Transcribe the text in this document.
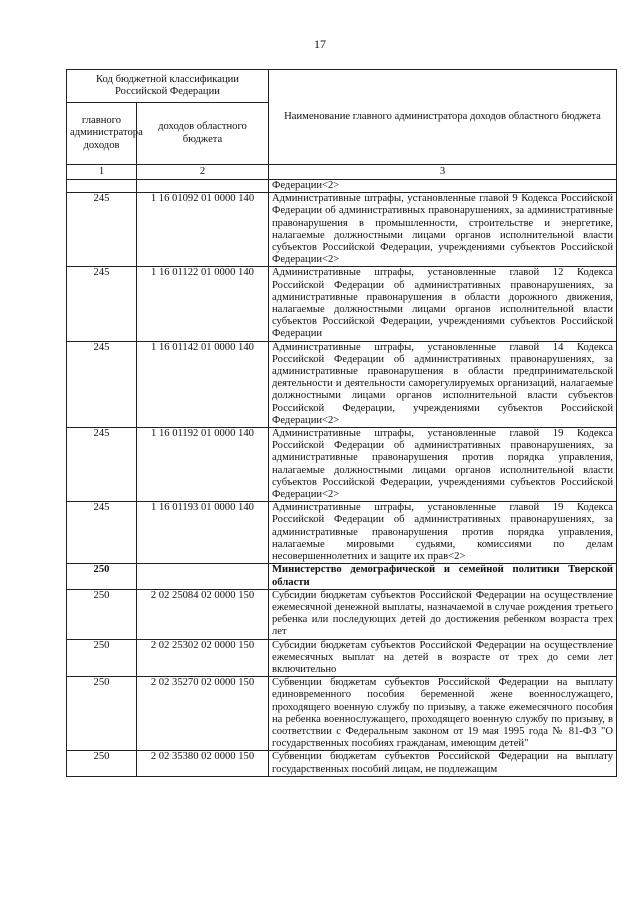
17
Код бюджетной классификации Российской Федерации		Наименование главного администратора доходов областного бюджета
главного администратора доходов	доходов областного бюджета	
1	2	3
		Федерации<2>
245	1 16 01092 01 0000 140	Административные штрафы, установленные главой 9 Кодекса Российской Федерации об административных правонарушениях, за административные правонарушения в промышленности, строительстве и энергетике, налагаемые должностными лицами органов исполнительной власти субъектов Российской Федерации, учреждениями субъектов Российской Федерации<2>
245	1 16 01122 01 0000 140	Административные штрафы, установленные главой 12 Кодекса Российской Федерации об административных правонарушениях, за административные правонарушения в области дорожного движения, налагаемые должностными лицами органов исполнительной власти субъектов Российской Федерации, учреждениями субъектов Российской Федерации
245	1 16 01142 01 0000 140	Административные штрафы, установленные главой 14 Кодекса Российской Федерации об административных правонарушениях, за административные правонарушения в области предпринимательской деятельности и деятельности саморегулируемых организаций, налагаемые должностными лицами органов исполнительной власти субъектов Российской Федерации, учреждениями субъектов Российской Федерации<2>
245	1 16 01192 01 0000 140	Административные штрафы, установленные главой 19 Кодекса Российской Федерации об административных правонарушениях, за административные правонарушения против порядка управления, налагаемые должностными лицами органов исполнительной власти субъектов Российской Федерации, учреждениями субъектов Российской Федерации<2>
245	1 16 01193 01 0000 140	Административные штрафы, установленные главой 19 Кодекса Российской Федерации об административных правонарушениях, за административные правонарушения против порядка управления, налагаемые мировыми судьями, комиссиями по делам несовершеннолетних и защите их прав<2>
250		Министерство демографической и семейной политики Тверской области
250	2 02 25084 02 0000 150	Субсидии бюджетам субъектов Российской Федерации на осуществление ежемесячной денежной выплаты, назначаемой в случае рождения третьего ребенка или последующих детей до достижения ребенком возраста трех лет
250	2 02 25302 02 0000 150	Субсидии бюджетам субъектов Российской Федерации на осуществление ежемесячных выплат на детей в возрасте от трех до семи лет включительно
250	2 02 35270 02 0000 150	Субвенции бюджетам субъектов Российской Федерации на выплату единовременного пособия беременной жене военнослужащего, проходящего военную службу по призыву, а также ежемесячного пособия на ребенка военнослужащего, проходящего военную службу по призыву, в соответствии с Федеральным законом от 19 мая 1995 года № 81-ФЗ "О государственных пособиях гражданам, имеющим детей"
250	2 02 35380 02 0000 150	Субвенции бюджетам субъектов Российской Федерации на выплату государственных пособий лицам, не подлежащим
